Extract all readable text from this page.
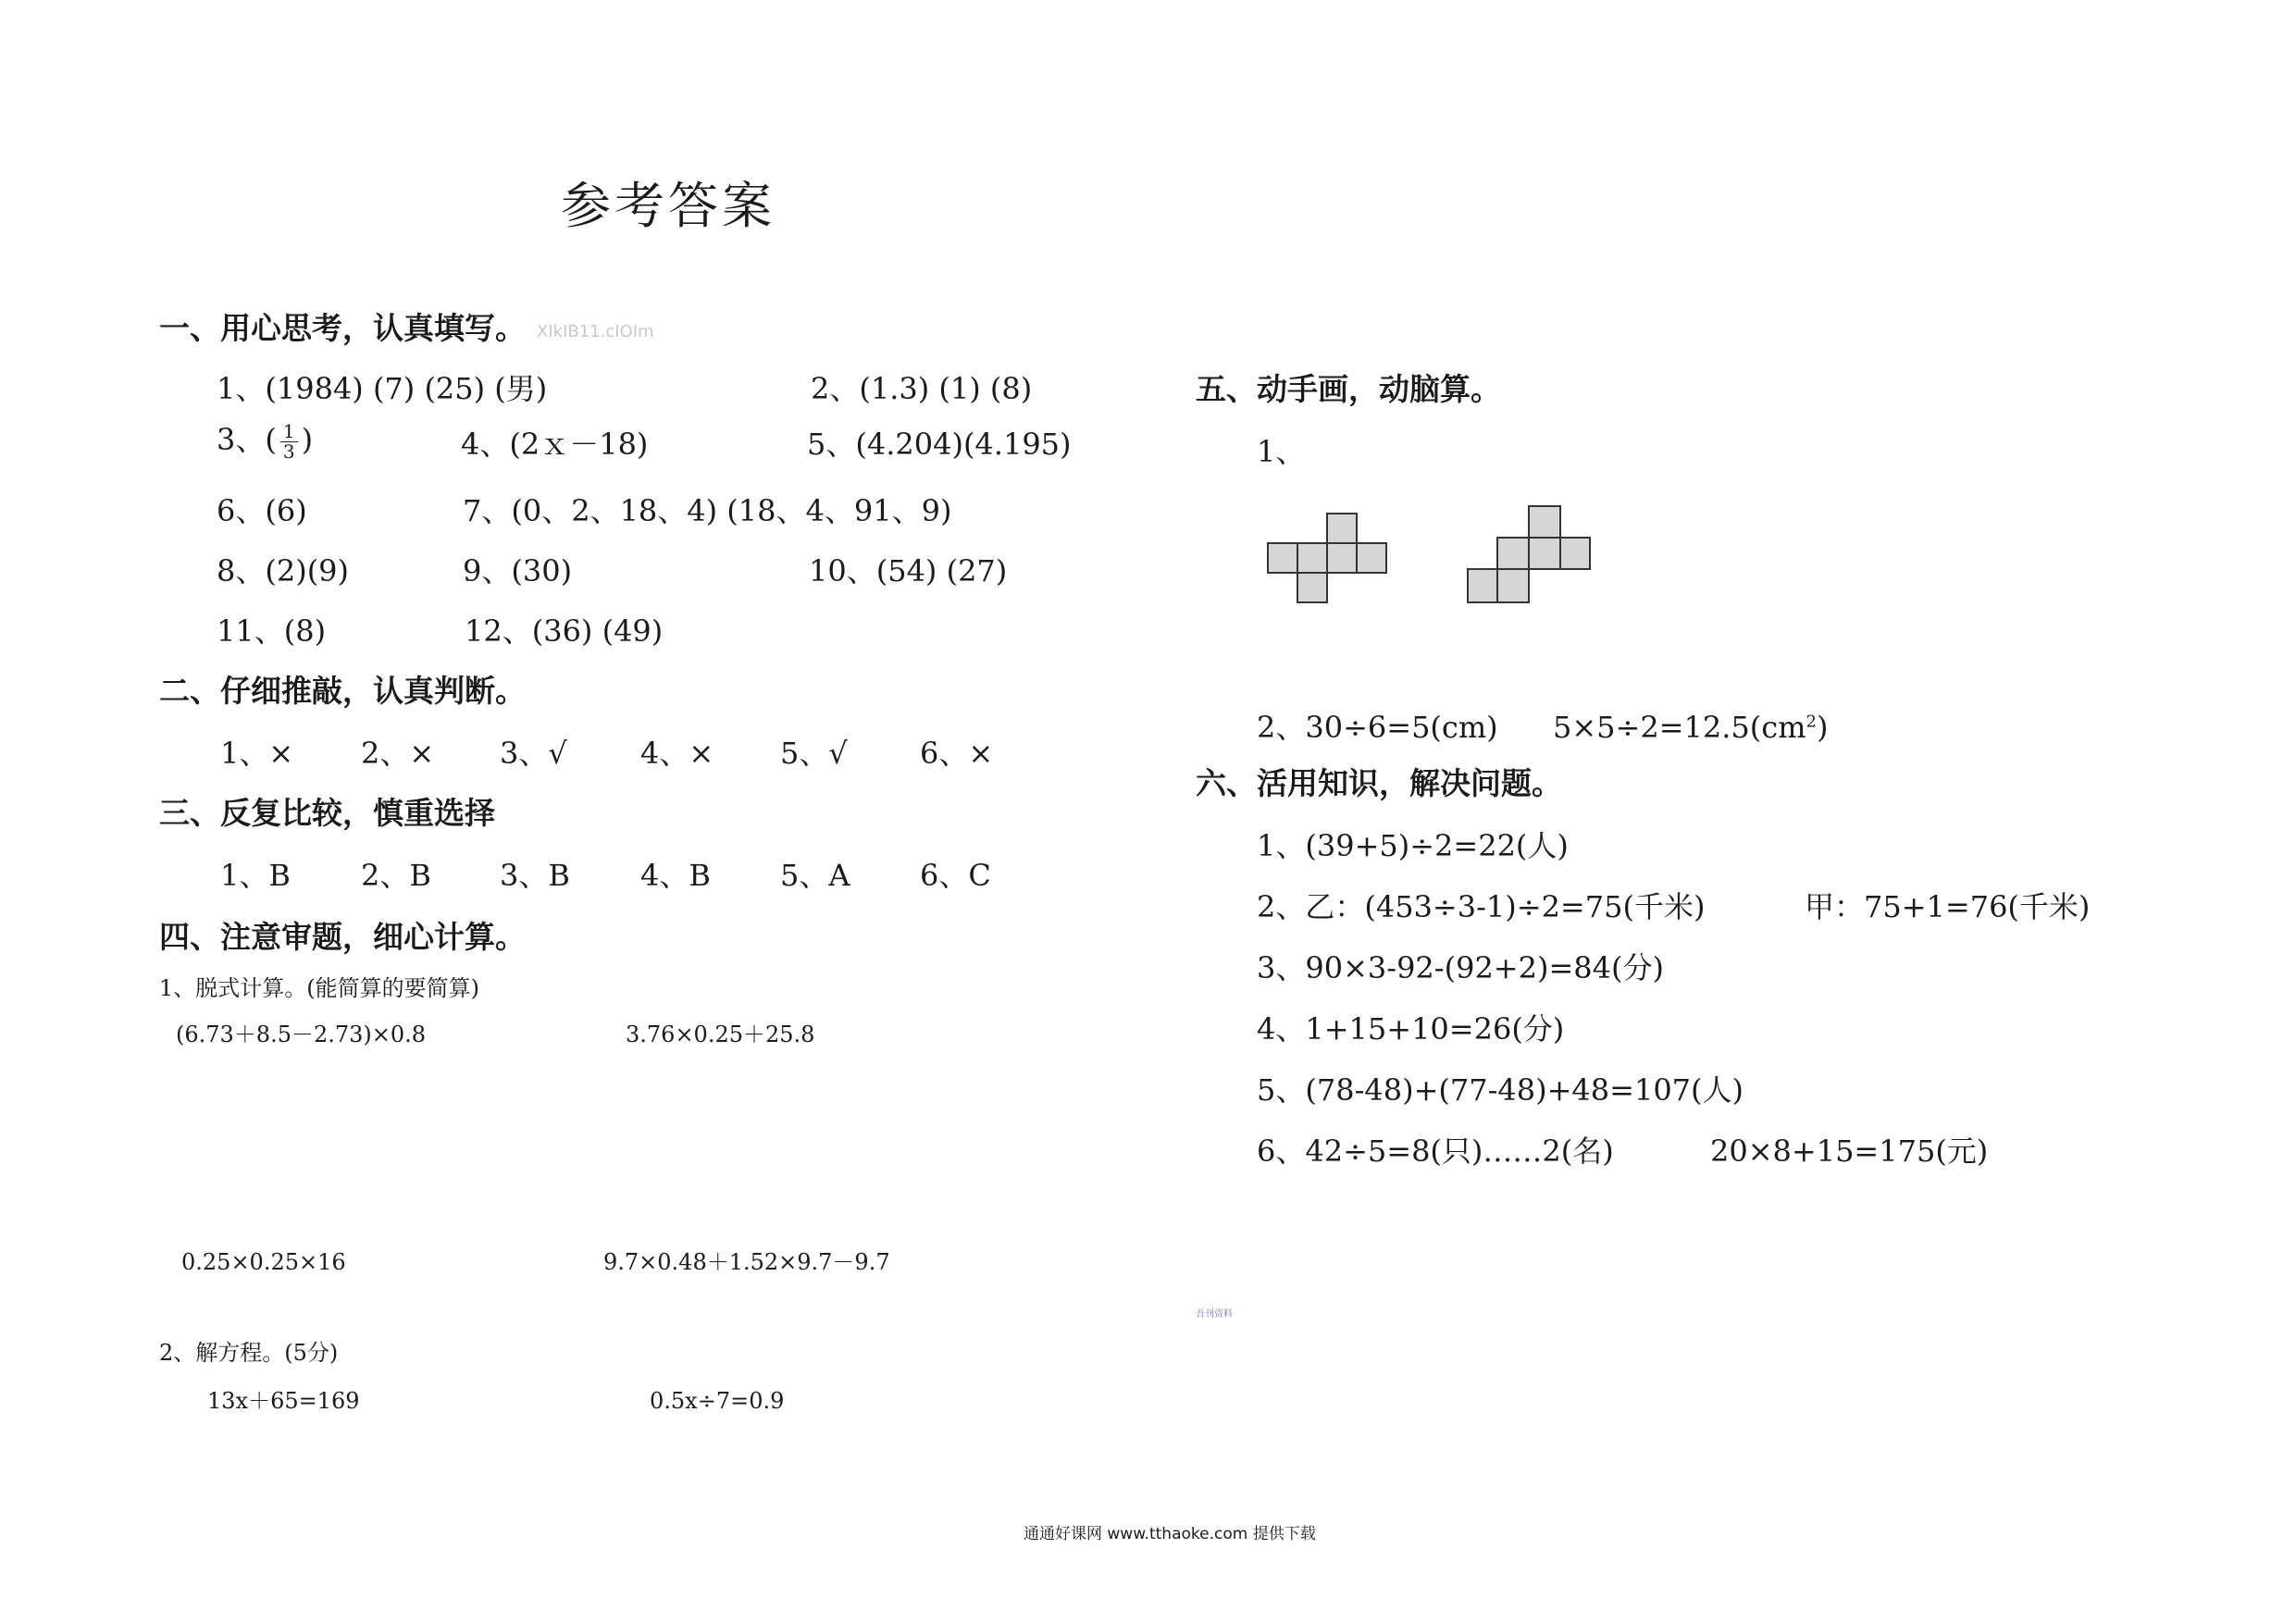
参考答案
一、用心思考，认真填写。 XIkIB11.cIOIm
1、(1984) (7) (25) (男)	2、(1.3) (1) (8)
3、( $\frac{1}{3}$ )	4、(2ｘ－18)	5、(4.204)(4.195)
6、(6)	7、(0、2、18、4) (18、4、91、9)
8、(2)(9)	9、(30)	10、(54) (27)
11、(8)	12、(36) (49)
二、仔细推敲，认真判断。
1、× 2、× 3、√ 4、× 5、√ 6、×
三、反复比较，慎重选择
1、B 2、B 3、B 4、B 5、A 6、C
四、注意审题，细心计算。
1、脱式计算。(能简算的要简算)
(6.73＋8.5－2.73)×0.8	3.76×0.25＋25.8
0.25×0.25×16	9.7×0.48＋1.52×9.7－9.7
2、解方程。(5分)
13x＋65=169	0.5x÷7=0.9
五、动手画，动脑算。
1、
2、30÷6=5(cm) $5\times 5\div 2=12.5(cm^2)$
六、活用知识，解决问题。
1、(39+5)÷2=22(人)
2、乙：(453÷3-1)÷2=75(千米)	甲：75+1=76(千米)
3、90×3-92-(92+2)=84(分)
4、1+15+10=26(分)
5、(78-48)+(77-48)+48=107(人)
6、42÷5=8(只)……2(名)	20×8+15=175(元)
吾刊资料
通通好课网 www.tthaoke.com 提供下载
